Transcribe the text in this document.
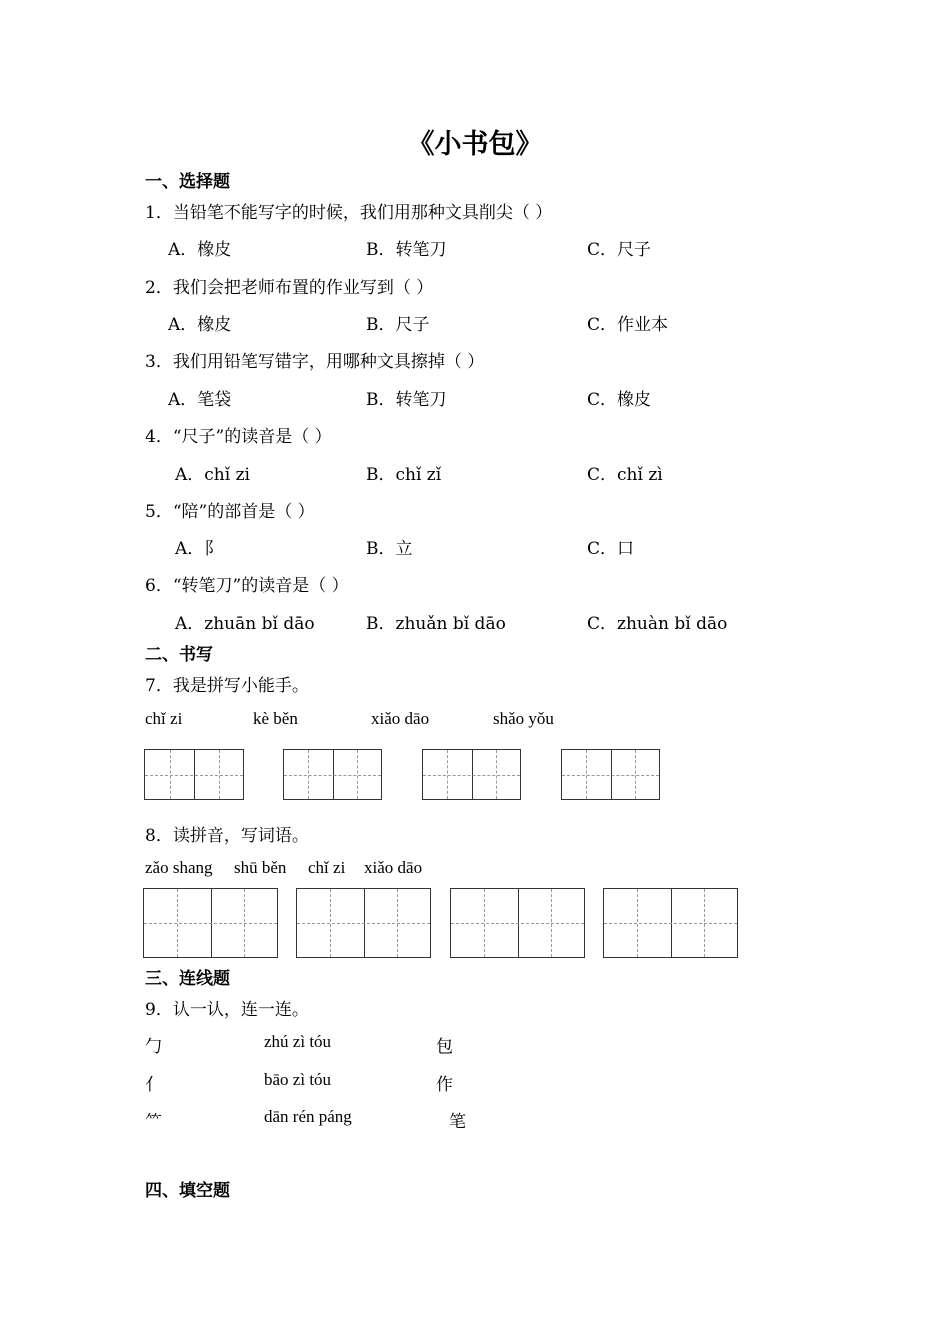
《小书包》
一、选择题
1．当铅笔不能写字的时候，我们用那种文具削尖（ ）
A．橡皮	B．转笔刀	C．尺子
2．我们会把老师布置的作业写到（ ）
A．橡皮	B．尺子	C．作业本
3．我们用铅笔写错字，用哪种文具擦掉（ ）
A．笔袋	B．转笔刀	C．橡皮
4．“尺子”的读音是（ ）
A．chǐ zi	B．chǐ zǐ	C．chǐ zì
5．“陪”的部首是（ ）
A．阝	B．立	C．口
6．“转笔刀”的读音是（ ）
A．zhuān bǐ dāo	B．zhuǎn bǐ dāo	C．zhuàn bǐ dāo
二、书写
7．我是拼写小能手。
chǐ zi	kè běn	xiǎo dāo	shǎo yǒu
8．读拼音，写词语。
zǎo shang shū běn chǐ zi xiǎo dāo
三、连线题
9．认一认，连一连。
勹	zhú zì tóu	包
亻	bāo zì tóu	作
⺮	dān rén páng	笔
四、填空题
